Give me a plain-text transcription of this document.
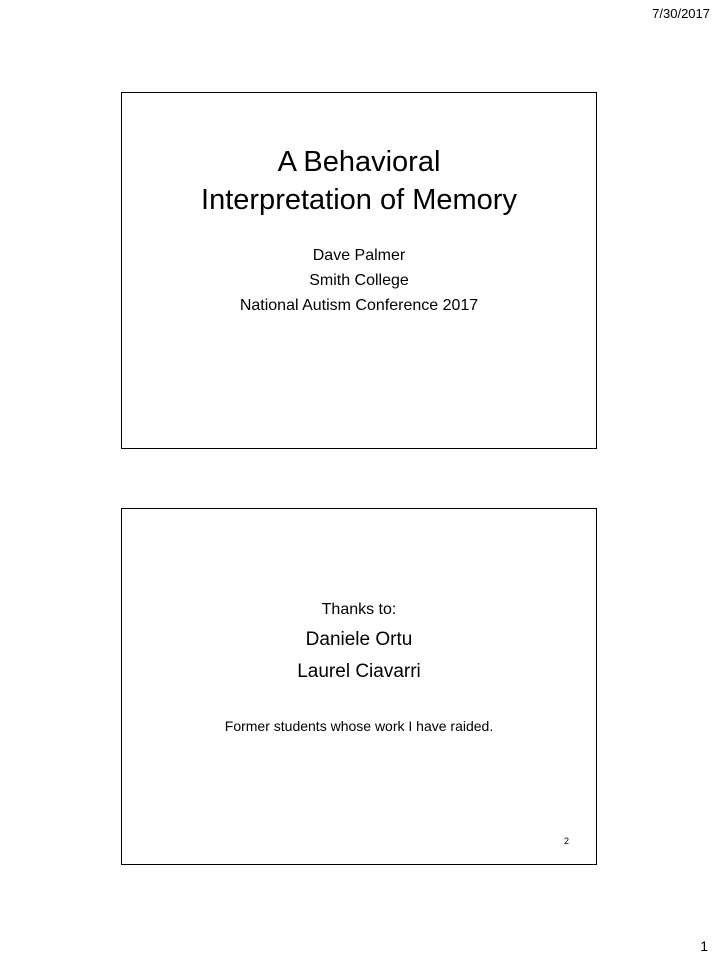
7/30/2017
A Behavioral
Interpretation of Memory
Dave Palmer
Smith College
National Autism Conference 2017
Thanks to:
Daniele Ortu
Laurel Ciavarri
Former students whose work I have raided.
2
1
